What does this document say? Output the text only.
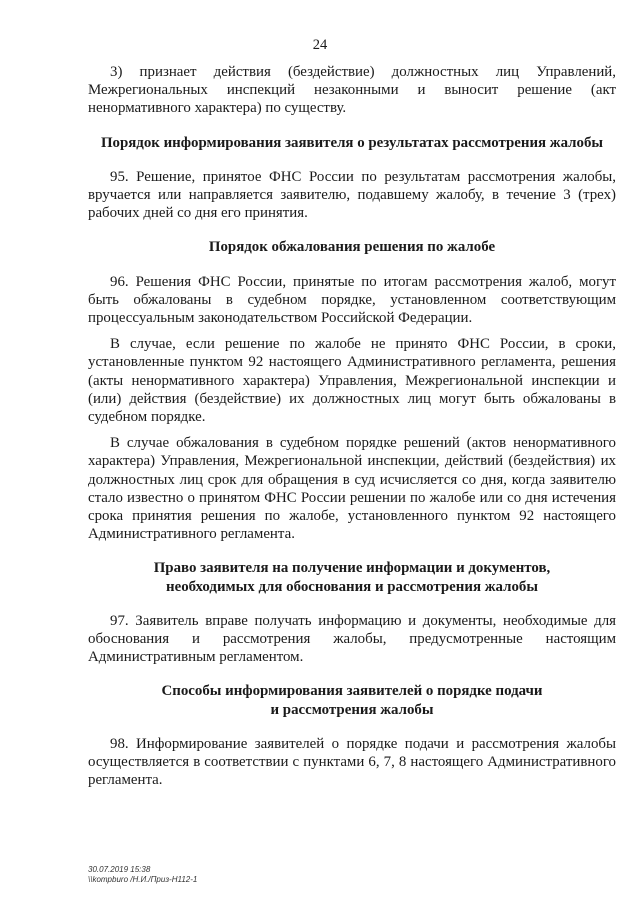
24

3) признает действия (бездействие) должностных лиц Управлений, Межрегиональных инспекций незаконными и выносит решение (акт ненормативного характера) по существу.

Порядок информирования заявителя о результатах рассмотрения жалобы

95. Решение, принятое ФНС России по результатам рассмотрения жалобы, вручается или направляется заявителю, подавшему жалобу, в течение 3 (трех) рабочих дней со дня его принятия.

Порядок обжалования решения по жалобе

96. Решения ФНС России, принятые по итогам рассмотрения жалоб, могут быть обжалованы в судебном порядке, установленном соответствующим процессуальным законодательством Российской Федерации.

В случае, если решение по жалобе не принято ФНС России, в сроки, установленные пунктом 92 настоящего Административного регламента, решения (акты ненормативного характера) Управления, Межрегиональной инспекции и (или) действия (бездействие) их должностных лиц могут быть обжалованы в судебном порядке.

В случае обжалования в судебном порядке решений (актов ненормативного характера) Управления, Межрегиональной инспекции, действий (бездействия) их должностных лиц срок для обращения в суд исчисляется со дня, когда заявителю стало известно о принятом ФНС России решении по жалобе или со дня истечения срока принятия решения по жалобе, установленного пунктом 92 настоящего Административного регламента.

Право заявителя на получение информации и документов,
необходимых для обоснования и рассмотрения жалобы

97. Заявитель вправе получать информацию и документы, необходимые для обоснования и рассмотрения жалобы, предусмотренные настоящим Административным регламентом.

Способы информирования заявителей о порядке подачи
и рассмотрения жалобы

98. Информирование заявителей о порядке подачи и рассмотрения жалобы осуществляется в соответствии с пунктами 6, 7, 8 настоящего Административного регламента.

30.07.2019 15:38
\\kompburo /Н.И./Приз-Н112-1
